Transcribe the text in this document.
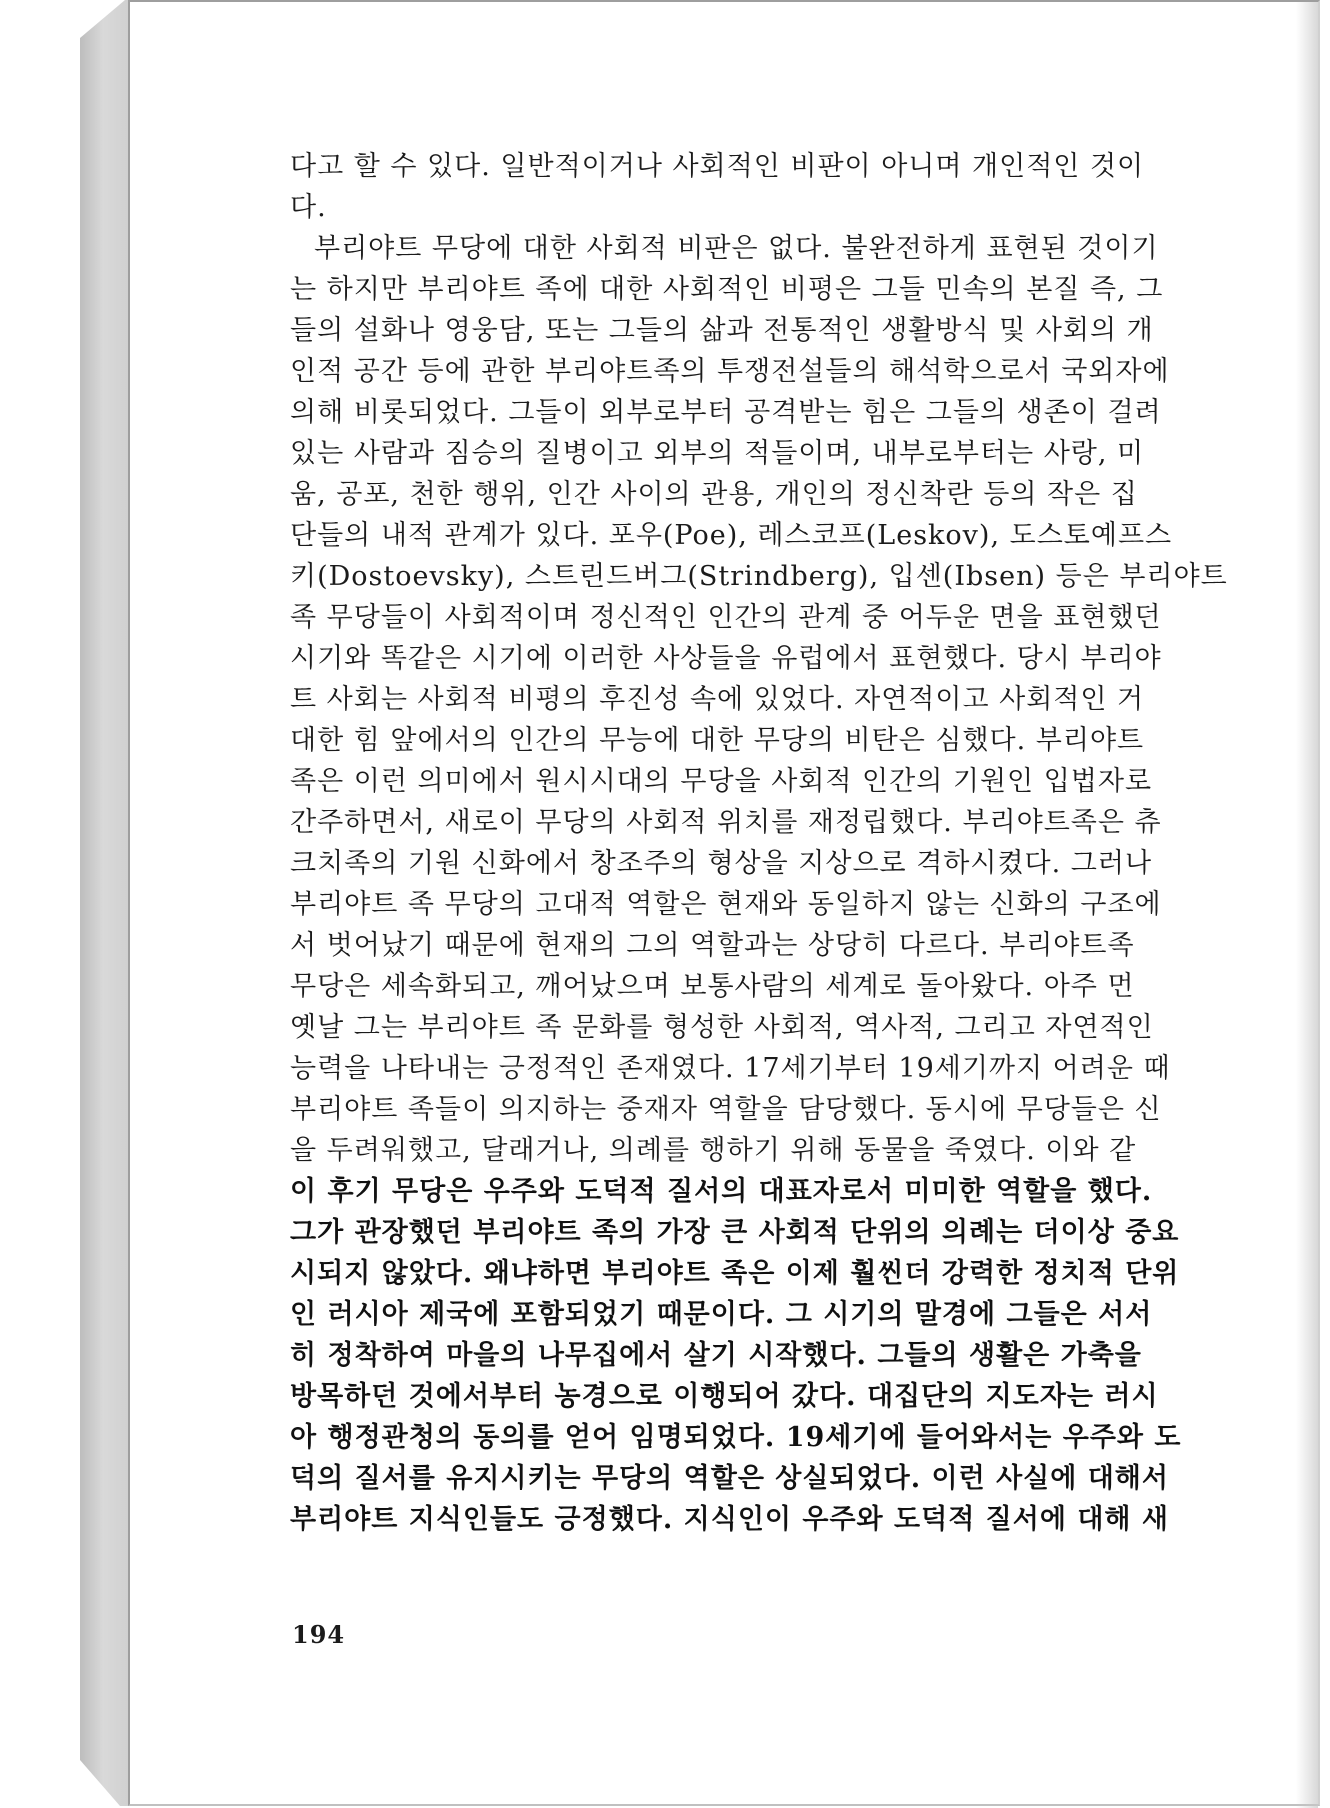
다고 할 수 있다. 일반적이거나 사회적인 비판이 아니며 개인적인 것이
다.
부리야트 무당에 대한 사회적 비판은 없다. 불완전하게 표현된 것이기
는 하지만 부리야트 족에 대한 사회적인 비평은 그들 민속의 본질 즉, 그
들의 설화나 영웅담, 또는 그들의 삶과 전통적인 생활방식 및 사회의 개
인적 공간 등에 관한 부리야트족의 투쟁전설들의 해석학으로서 국외자에
의해 비롯되었다. 그들이 외부로부터 공격받는 힘은 그들의 생존이 걸려
있는 사람과 짐승의 질병이고 외부의 적들이며, 내부로부터는 사랑, 미
움, 공포, 천한 행위, 인간 사이의 관용, 개인의 정신착란 등의 작은 집
단들의 내적 관계가 있다. 포우(Poe), 레스코프(Leskov), 도스토예프스
키(Dostoevsky), 스트린드버그(Strindberg), 입센(Ibsen) 등은 부리야트
족 무당들이 사회적이며 정신적인 인간의 관계 중 어두운 면을 표현했던
시기와 똑같은 시기에 이러한 사상들을 유럽에서 표현했다. 당시 부리야
트 사회는 사회적 비평의 후진성 속에 있었다. 자연적이고 사회적인 거
대한 힘 앞에서의 인간의 무능에 대한 무당의 비탄은 심했다. 부리야트
족은 이런 의미에서 원시시대의 무당을 사회적 인간의 기원인 입법자로
간주하면서, 새로이 무당의 사회적 위치를 재정립했다. 부리야트족은 츄
크치족의 기원 신화에서 창조주의 형상을 지상으로 격하시켰다. 그러나
부리야트 족 무당의 고대적 역할은 현재와 동일하지 않는 신화의 구조에
서 벗어났기 때문에 현재의 그의 역할과는 상당히 다르다. 부리야트족
무당은 세속화되고, 깨어났으며 보통사람의 세계로 돌아왔다. 아주 먼
옛날 그는 부리야트 족 문화를 형성한 사회적, 역사적, 그리고 자연적인
능력을 나타내는 긍정적인 존재였다. 17세기부터 19세기까지 어려운 때
부리야트 족들이 의지하는 중재자 역할을 담당했다. 동시에 무당들은 신
을 두려워했고, 달래거나, 의례를 행하기 위해 동물을 죽였다. 이와 같
이 후기 무당은 우주와 도덕적 질서의 대표자로서 미미한 역할을 했다.
그가 관장했던 부리야트 족의 가장 큰 사회적 단위의 의례는 더이상 중요
시되지 않았다. 왜냐하면 부리야트 족은 이제 훨씬더 강력한 정치적 단위
인 러시아 제국에 포함되었기 때문이다. 그 시기의 말경에 그들은 서서
히 정착하여 마을의 나무집에서 살기 시작했다. 그들의 생활은 가축을
방목하던 것에서부터 농경으로 이행되어 갔다. 대집단의 지도자는 러시
아 행정관청의 동의를 얻어 임명되었다. 19세기에 들어와서는 우주와 도
덕의 질서를 유지시키는 무당의 역할은 상실되었다. 이런 사실에 대해서
부리야트 지식인들도 긍정했다. 지식인이 우주와 도덕적 질서에 대해 새
194
